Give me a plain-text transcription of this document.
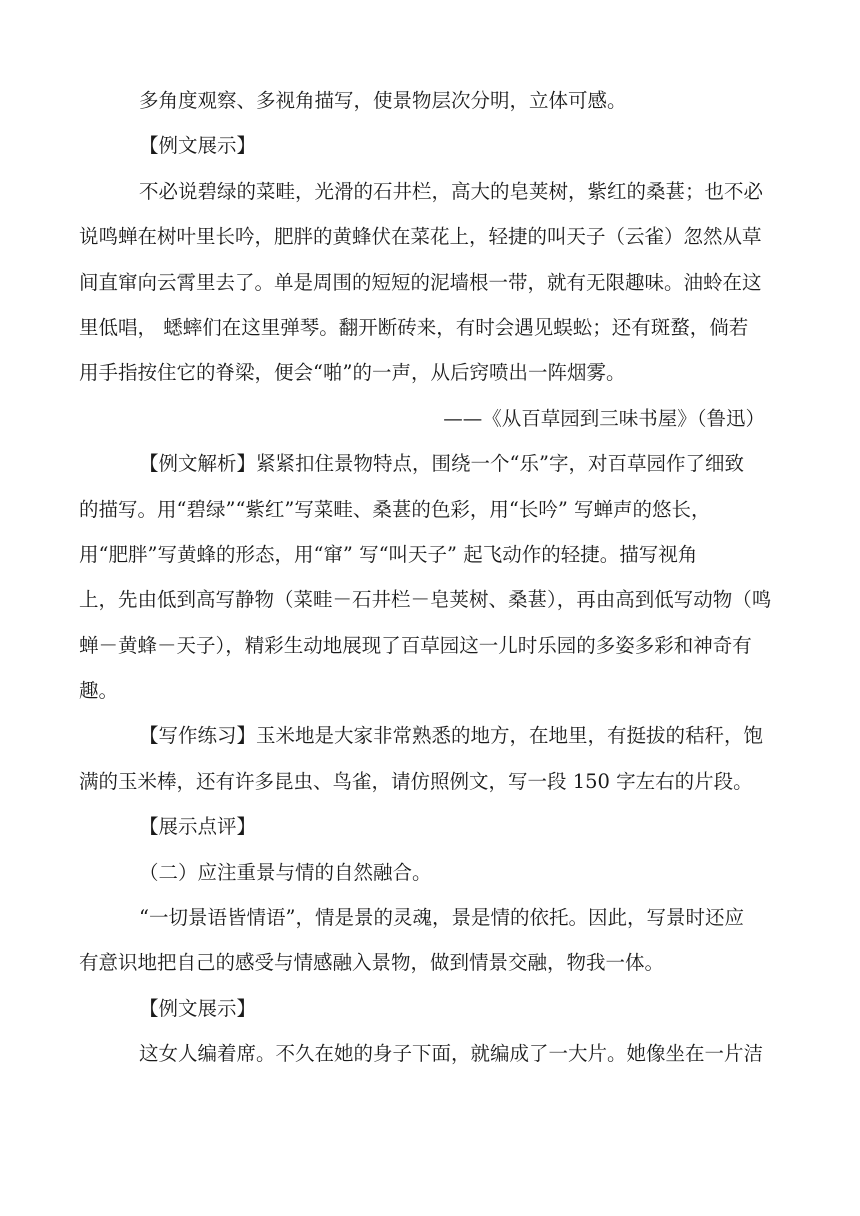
多角度观察、多视角描写，使景物层次分明，立体可感。
【例文展示】
不必说碧绿的菜畦，光滑的石井栏，高大的皂荚树，紫红的桑葚；也不必
说鸣蝉在树叶里长吟，肥胖的黄蜂伏在菜花上，轻捷的叫天子（云雀）忽然从草
间直窜向云霄里去了。单是周围的短短的泥墙根一带，就有无限趣味。油蛉在这
里低唱， 蟋蟀们在这里弹琴。翻开断砖来，有时会遇见蜈蚣；还有斑蝥，倘若
用手指按住它的脊梁，便会“啪”的一声，从后窍喷出一阵烟雾。
——《从百草园到三味书屋》（鲁迅）
【例文解析】紧紧扣住景物特点，围绕一个“乐”字，对百草园作了细致
的描写。用“碧绿”“紫红”写菜畦、桑葚的色彩，用“长吟” 写蝉声的悠长，
用“肥胖”写黄蜂的形态，用“窜” 写“叫天子” 起飞动作的轻捷。描写视角
上，先由低到高写静物（菜畦－石井栏－皂荚树、桑葚），再由高到低写动物（鸣
蝉－黄蜂－天子），精彩生动地展现了百草园这一儿时乐园的多姿多彩和神奇有
趣。
【写作练习】玉米地是大家非常熟悉的地方，在地里，有挺拔的秸秆，饱
满的玉米棒，还有许多昆虫、鸟雀，请仿照例文，写一段 150 字左右的片段。
【展示点评】
（二）应注重景与情的自然融合。
“一切景语皆情语”，情是景的灵魂，景是情的依托。因此，写景时还应
有意识地把自己的感受与情感融入景物，做到情景交融，物我一体。
【例文展示】
这女人编着席。不久在她的身子下面，就编成了一大片。她像坐在一片洁
